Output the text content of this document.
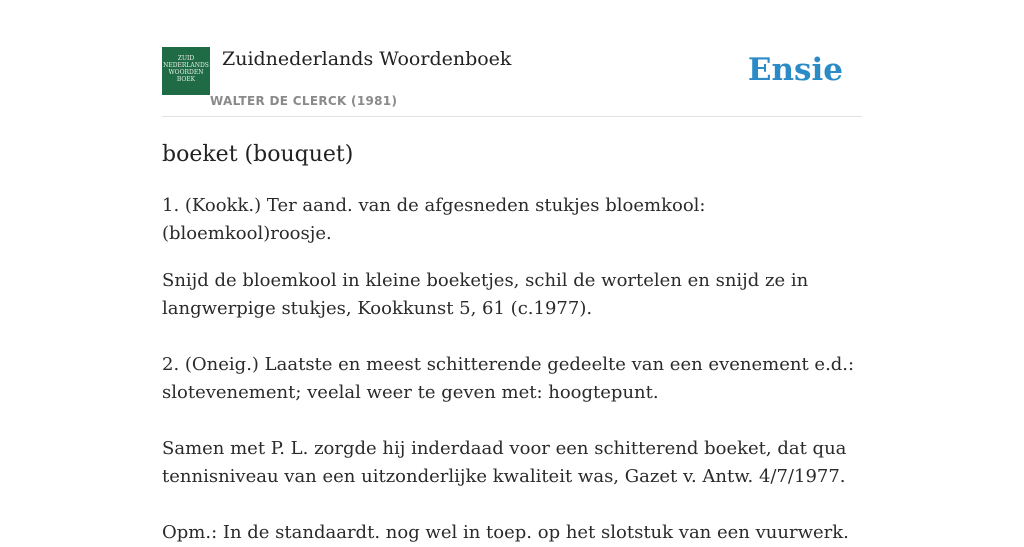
ZUID
NEDERLANDS
WOORDEN
BOEK
Zuidnederlands Woordenboek
WALTER DE CLERCK (1981)
Ensie
boeket (bouquet)

1. (Kookk.) Ter aand. van de afgesneden stukjes bloemkool: (bloemkool)roosje.

Snijd de bloemkool in kleine boeketjes, schil de wortelen en snijd ze in langwerpige stukjes, Kookkunst 5, 61 (c.1977).

2. (Oneig.) Laatste en meest schitterende gedeelte van een evenement e.d.: slotevenement; veelal weer te geven met: hoogtepunt.

Samen met P. L. zorgde hij inderdaad voor een schitterend boeket, dat qua tennisniveau van een uitzonderlijke kwaliteit was, Gazet v. Antw. 4/7/1977.

Opm.: In de standaardt. nog wel in toep. op het slotstuk van een vuurwerk.
